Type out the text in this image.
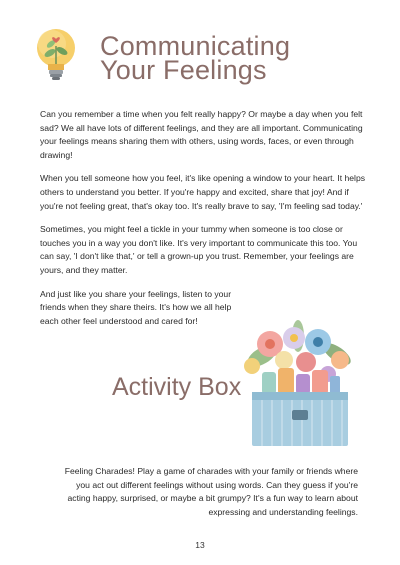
Communicating
Your Feelings

Can you remember a time when you felt really happy? Or maybe a day when you felt sad? We all have lots of different feelings, and they are all important. Communicating your feelings means sharing them with others, using words, faces, or even through drawing!

When you tell someone how you feel, it's like opening a window to your heart. It helps others to understand you better. If you're happy and excited, share that joy! And if you're not feeling great, that's okay too. It's really brave to say, 'I'm feeling sad today.'

Sometimes, you might feel a tickle in your tummy when someone is too close or touches you in a way you don't like. It's very important to communicate this too. You can say, 'I don't like that,' or tell a grown-up you trust. Remember, your feelings are yours, and they matter.

And just like you share your feelings, listen to your friends when they share theirs. It's how we all help each other feel understood and cared for!

Activity Box
Feeling Charades! Play a game of charades with your family or friends where you act out different feelings without using words. Can they guess if you're acting happy, surprised, or maybe a bit grumpy? It's a fun way to learn about expressing and understanding feelings.
13
